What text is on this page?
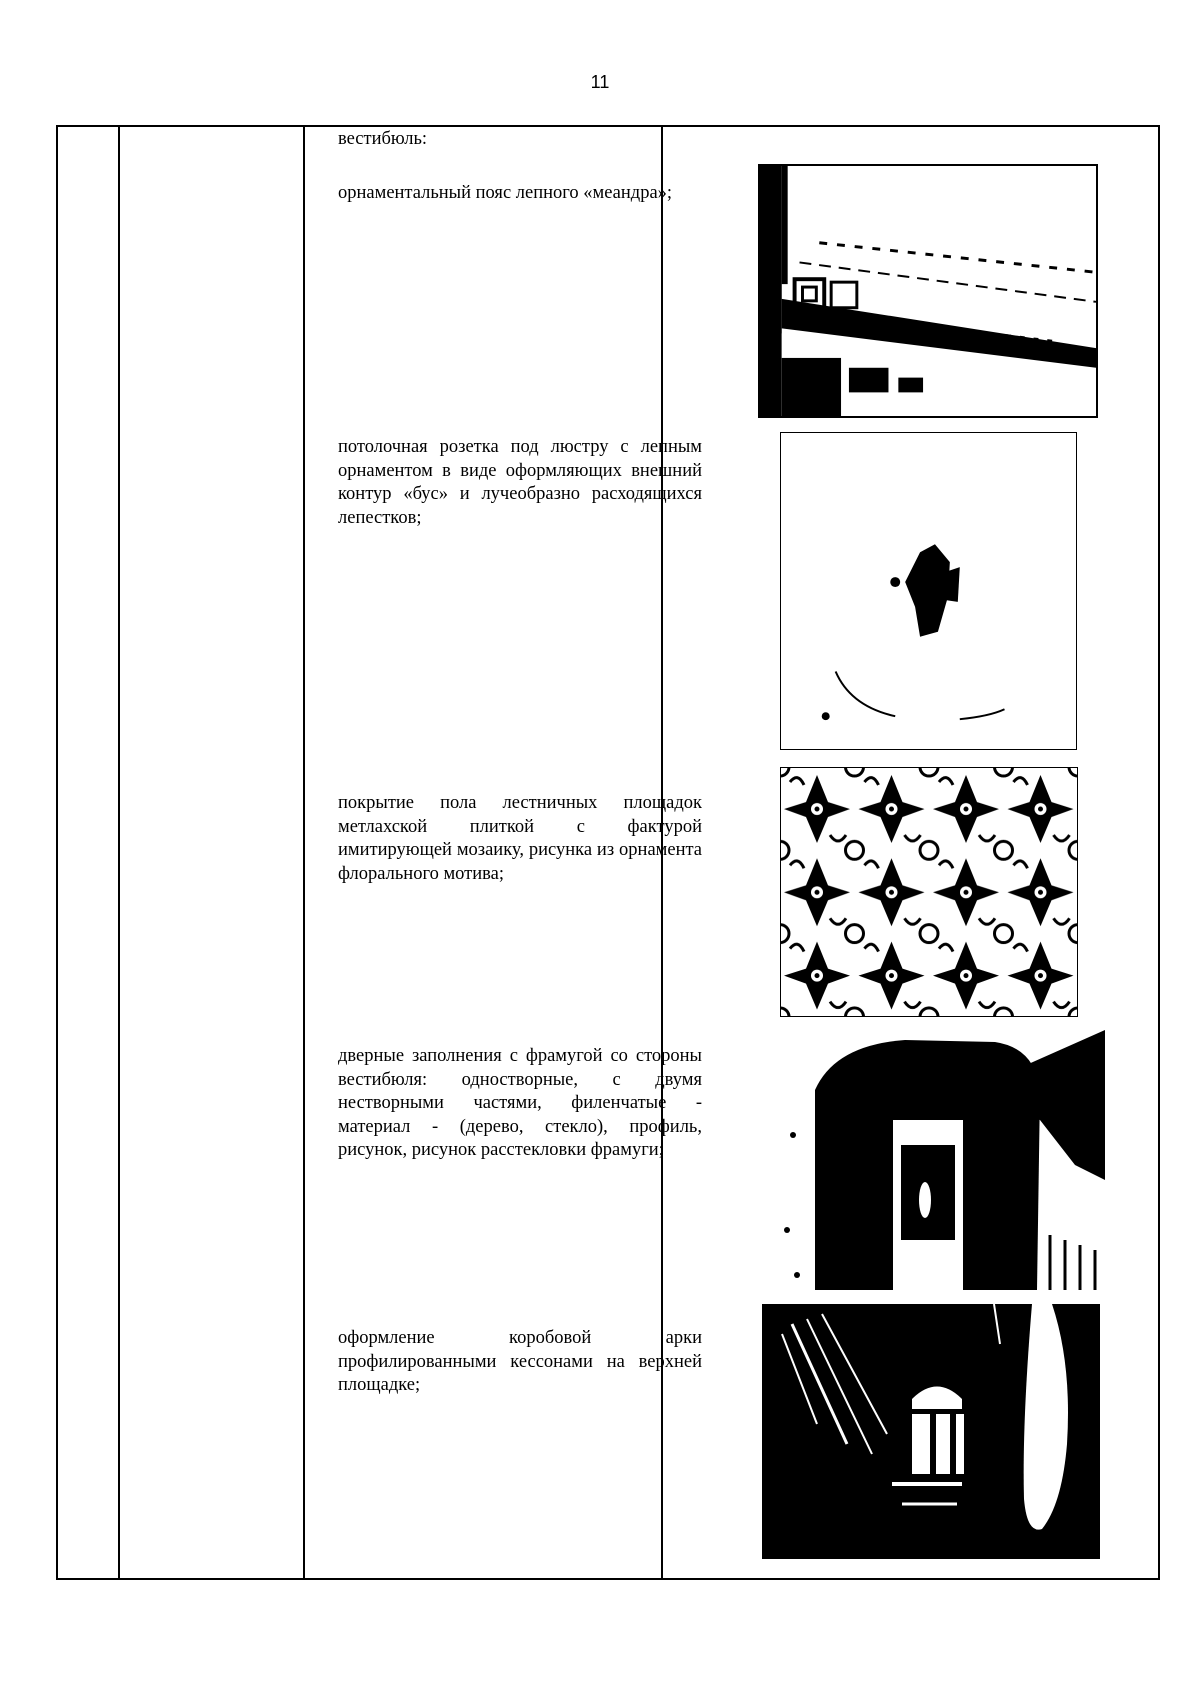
11
вестибюль:
орнаментальный пояс лепного «меандра»;
потолочная розетка под люстру с лепным орнаментом в виде оформляющих внешний контур «бус» и лучеобразно расходящихся лепестков;
покрытие пола лестничных площадок метлахской плиткой с фактурой имитирующей мозаику, рисунка из орнамента флорального мотива;
дверные заполнения с фрамугой со стороны вестибюля: одностворные, с двумя нестворными частями, филенчатые - материал - (дерево, стекло), профиль, рисунок, рисунок расстекловки фрамуги;
оформление коробовой арки профилированными кессонами на верхней площадке;
